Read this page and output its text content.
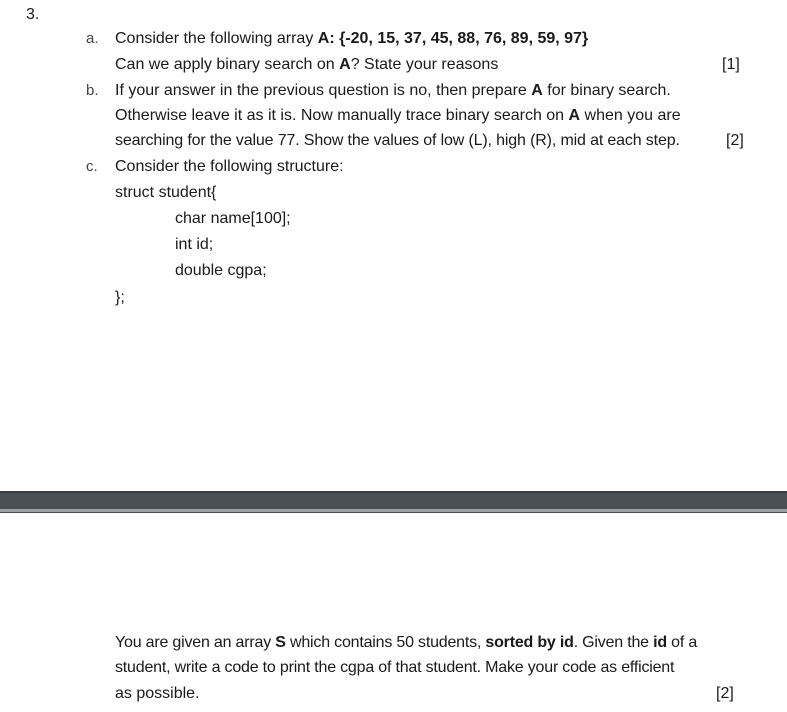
3.
a. Consider the following array A: {-20, 15, 37, 45, 88, 76, 89, 59, 97}
Can we apply binary search on A? State your reasons	[1]
b. If your answer in the previous question is no, then prepare A for binary search.
Otherwise leave it as it is. Now manually trace binary search on A when you are
searching for the value 77. Show the values of low (L), high (R), mid at each step.	[2]
c. Consider the following structure:
struct student{
char name[100];
int id;
double cgpa;
};
You are given an array S which contains 50 students, sorted by id. Given the id of a
student, write a code to print the cgpa of that student. Make your code as efficient
as possible.	[2]
